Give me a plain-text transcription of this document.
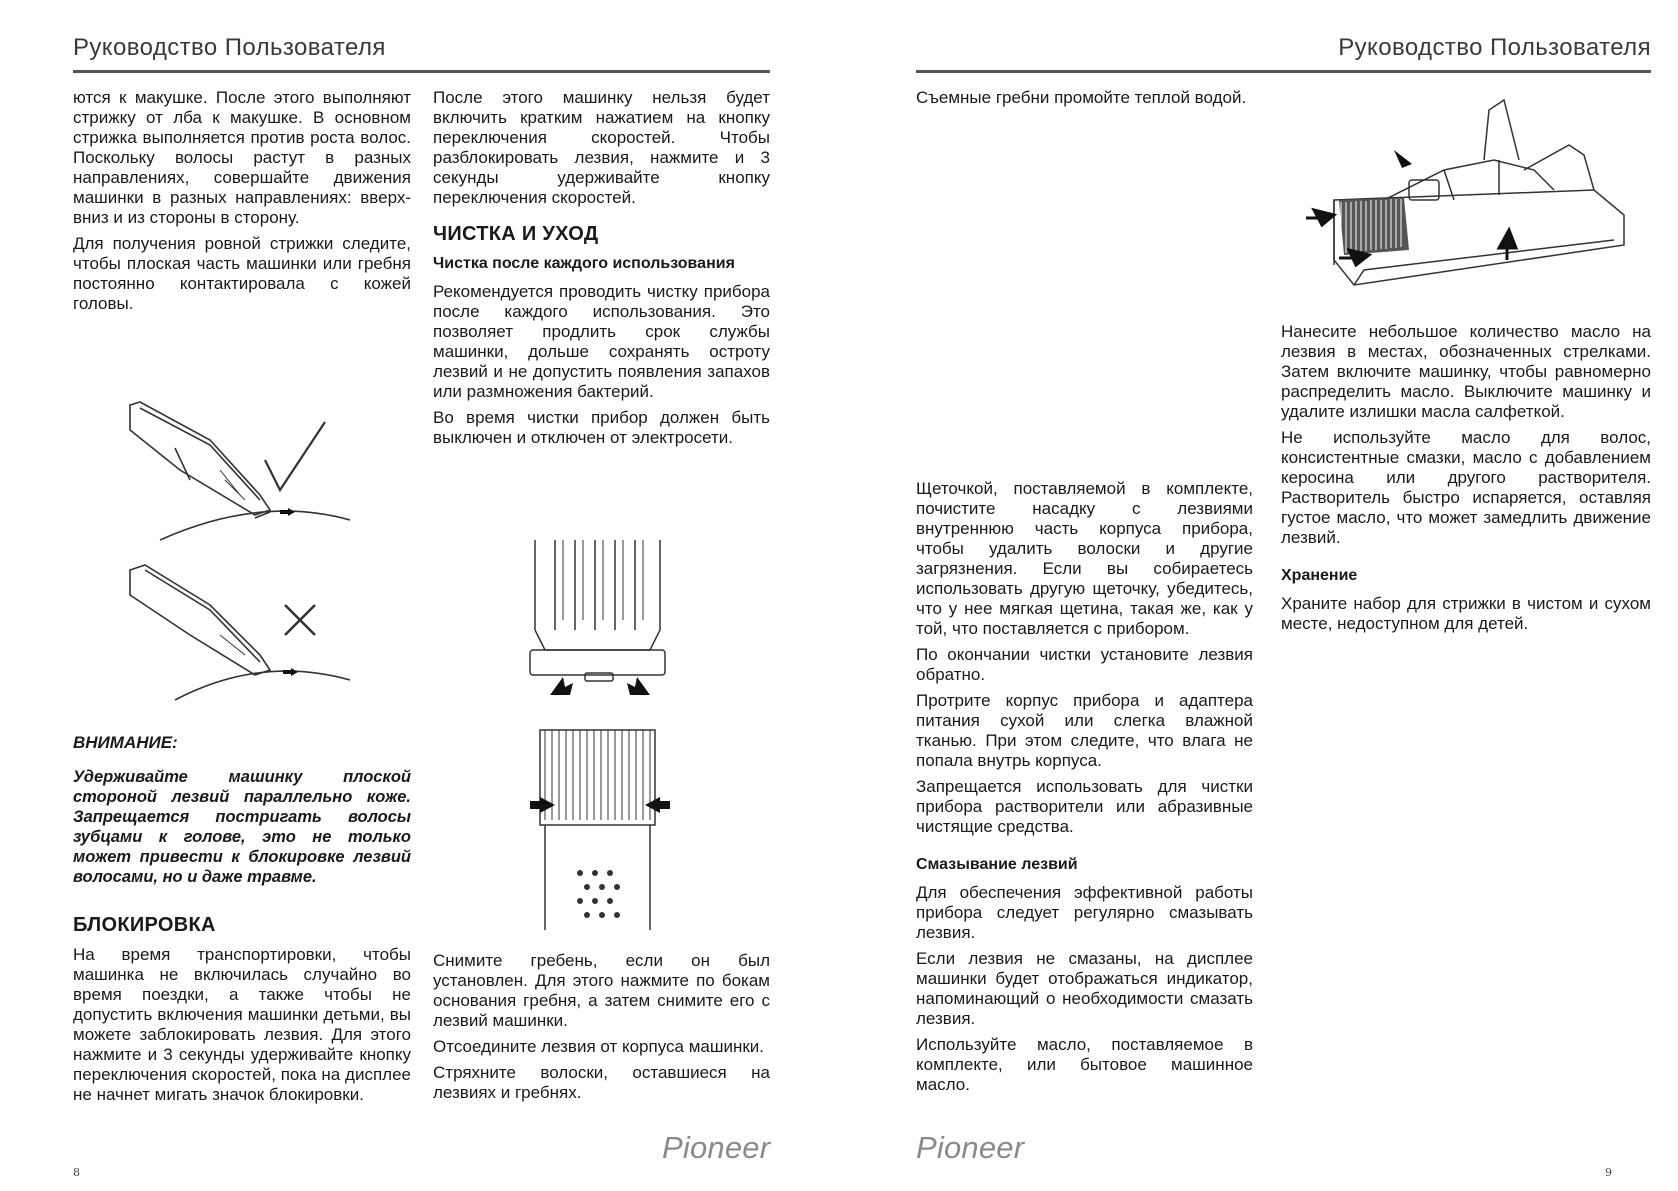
Руководство Пользователя

ются к макушке. После этого выполняют стрижку от лба к макушке. В основном стрижка выполняется против роста волос. Поскольку волосы растут в разных направлениях, совершайте движения машинки в разных направлениях: вверх-вниз и из стороны в сторону.

Для получения ровной стрижки следите, чтобы плоская часть машинки или гребня постоянно контактировала с кожей головы.

ВНИМАНИЕ:

Удерживайте машинку плоской стороной лезвий параллельно коже. Запрещается постригать волосы зубцами к голове, это не только может привести к блокировке лезвий волосами, но и даже травме.

БЛОКИРОВКА

На время транспортировки, чтобы машинка не включилась случайно во время поездки, а также чтобы не допустить включения машинки детьми, вы можете заблокировать лезвия. Для этого нажмите и 3 секунды удерживайте кнопку переключения скоростей, пока на дисплее не начнет мигать значок блокировки.

После этого машинку нельзя будет включить кратким нажатием на кнопку переключения скоростей. Чтобы разблокировать лезвия, нажмите и 3 секунды удерживайте кнопку переключения скоростей.

ЧИСТКА И УХОД
Чистка после каждого использования

Рекомендуется проводить чистку прибора после каждого использования. Это позволяет продлить срок службы машинки, дольше сохранять остроту лезвий и не допустить появления запахов или размножения бактерий.

Во время чистки прибор должен быть выключен и отключен от электросети.

Снимите гребень, если он был установлен. Для этого нажмите по бокам основания гребня, а затем снимите его с лезвий машинки.

Отсоедините лезвия от корпуса машинки.

Стряхните волоски, оставшиеся на лезвиях и гребнях.

Pioneer
8
Руководство Пользователя

Съемные гребни промойте теплой водой.

Щеточкой, поставляемой в комплекте, почистите насадку с лезвиями внутреннюю часть корпуса прибора, чтобы удалить волоски и другие загрязнения. Если вы собираетесь использовать другую щеточку, убедитесь, что у нее мягкая щетина, такая же, как у той, что поставляется с прибором.

По окончании чистки установите лезвия обратно.

Протрите корпус прибора и адаптера питания сухой или слегка влажной тканью. При этом следите, что влага не попала внутрь корпуса.

Запрещается использовать для чистки прибора растворители или абразивные чистящие средства.

Смазывание лезвий

Для обеспечения эффективной работы прибора следует регулярно смазывать лезвия.

Если лезвия не смазаны, на дисплее машинки будет отображаться индикатор, напоминающий о необходимости смазать лезвия.

Используйте масло, поставляемое в комплекте, или бытовое машинное масло.

Нанесите небольшое количество масло на лезвия в местах, обозначенных стрелками. Затем включите машинку, чтобы равномерно распределить масло. Выключите машинку и удалите излишки масла салфеткой.

Не используйте масло для волос, консистентные смазки, масло с добавлением керосина или другого растворителя. Растворитель быстро испаряется, оставляя густое масло, что может замедлить движение лезвий.

Хранение

Храните набор для стрижки в чистом и сухом месте, недоступном для детей.

Pioneer
9
